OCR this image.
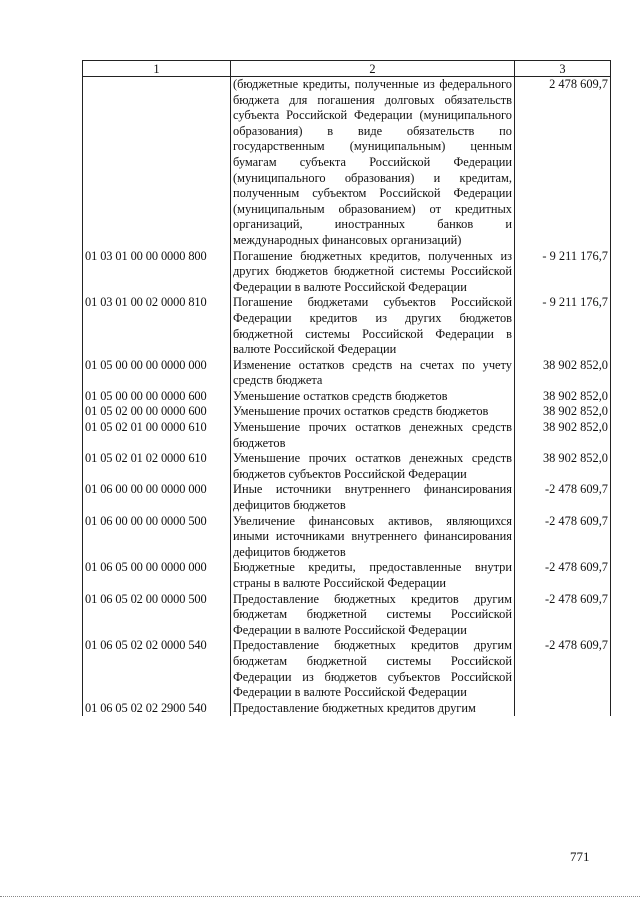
1	2	3
	(бюджетные кредиты, полученные из федерального бюджета для погашения долговых обязательств субъекта Российской Федерации (муниципального образования) в виде обязательств по государственным (муниципальным) ценным бумагам субъекта Российской Федерации (муниципального образования) и кредитам, полученным субъектом Российской Федерации (муниципальным образованием) от кредитных организаций, иностранных банков и международных финансовых организаций)	2 478 609,7
01 03 01 00 00 0000 800	Погашение бюджетных кредитов, полученных из других бюджетов бюджетной системы Российской Федерации в валюте Российской Федерации	- 9 211 176,7
01 03 01 00 02 0000 810	Погашение бюджетами субъектов Российской Федерации кредитов из других бюджетов бюджетной системы Российской Федерации в валюте Российской Федерации	- 9 211 176,7
01 05 00 00 00 0000 000	Изменение остатков средств на счетах по учету средств бюджета	38 902 852,0
01 05 00 00 00 0000 600	Уменьшение остатков средств бюджетов	38 902 852,0
01 05 02 00 00 0000 600	Уменьшение прочих остатков средств бюджетов	38 902 852,0
01 05 02 01 00 0000 610	Уменьшение прочих остатков денежных средств бюджетов	38 902 852,0
01 05 02 01 02 0000 610	Уменьшение прочих остатков денежных средств бюджетов субъектов Российской Федерации	38 902 852,0
01 06 00 00 00 0000 000	Иные источники внутреннего финансирования дефицитов бюджетов	-2 478 609,7
01 06 00 00 00 0000 500	Увеличение финансовых активов, являющихся иными источниками внутреннего финансирования дефицитов бюджетов	-2 478 609,7
01 06 05 00 00 0000 000	Бюджетные кредиты, предоставленные внутри страны в валюте Российской Федерации	-2 478 609,7
01 06 05 02 00 0000 500	Предоставление бюджетных кредитов другим бюджетам бюджетной системы Российской Федерации в валюте Российской Федерации	-2 478 609,7
01 06 05 02 02 0000 540	Предоставление бюджетных кредитов другим бюджетам бюджетной системы Российской Федерации из бюджетов субъектов Российской Федерации в валюте Российской Федерации	-2 478 609,7
01 06 05 02 02 2900 540	Предоставление бюджетных кредитов другим	
771
